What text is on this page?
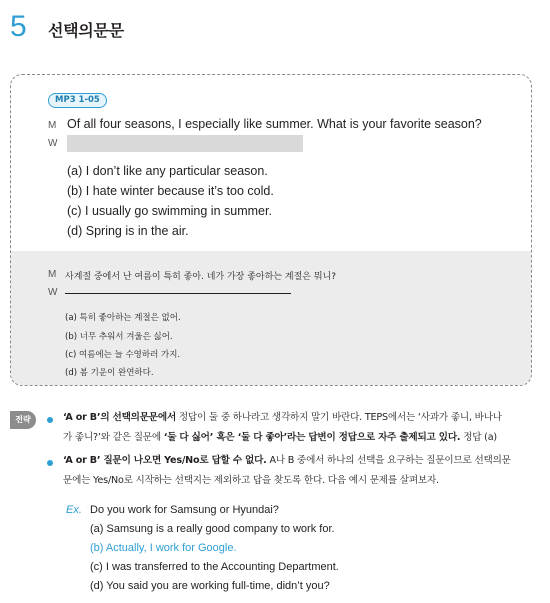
5 선택의문문
MP3 1-05
M Of all four seasons, I especially like summer. What is your favorite season?
W
(a) I don’t like any particular season.
(b) I hate winter because it’s too cold.
(c) I usually go swimming in summer.
(d) Spring is in the air.
M 사계절 중에서 난 여름이 특히 좋아. 네가 가장 좋아하는 계절은 뭐니?
W
(a) 특히 좋아하는 계절은 없어.
(b) 너무 추워서 겨울은 싫어.
(c) 여름에는 늘 수영하러 가지.
(d) 봄 기운이 완연하다.
전략	‘A or B’의 선택의문문에서 정답이 둘 중 하나라고 생각하지 말기 바란다. TEPS에서는 ‘사과가 좋니, 바나나
가 좋니?’와 같은 질문에 ‘둘 다 싫어’ 혹은 ‘둘 다 좋아’라는 답변이 정답으로 자주 출제되고 있다. 정답 (a)
‘A or B’ 질문이 나오면 Yes/No로 답할 수 없다. A나 B 중에서 하나의 선택을 요구하는 질문이므로 선택의문
문에는 Yes/No로 시작하는 선택지는 제외하고 답을 찾도록 한다. 다음 예시 문제를 살펴보자.
Ex. Do you work for Samsung or Hyundai?
(a) Samsung is a really good company to work for.
(b) Actually, I work for Google.
(c) I was transferred to the Accounting Department.
(d) You said you are working full-time, didn’t you?
